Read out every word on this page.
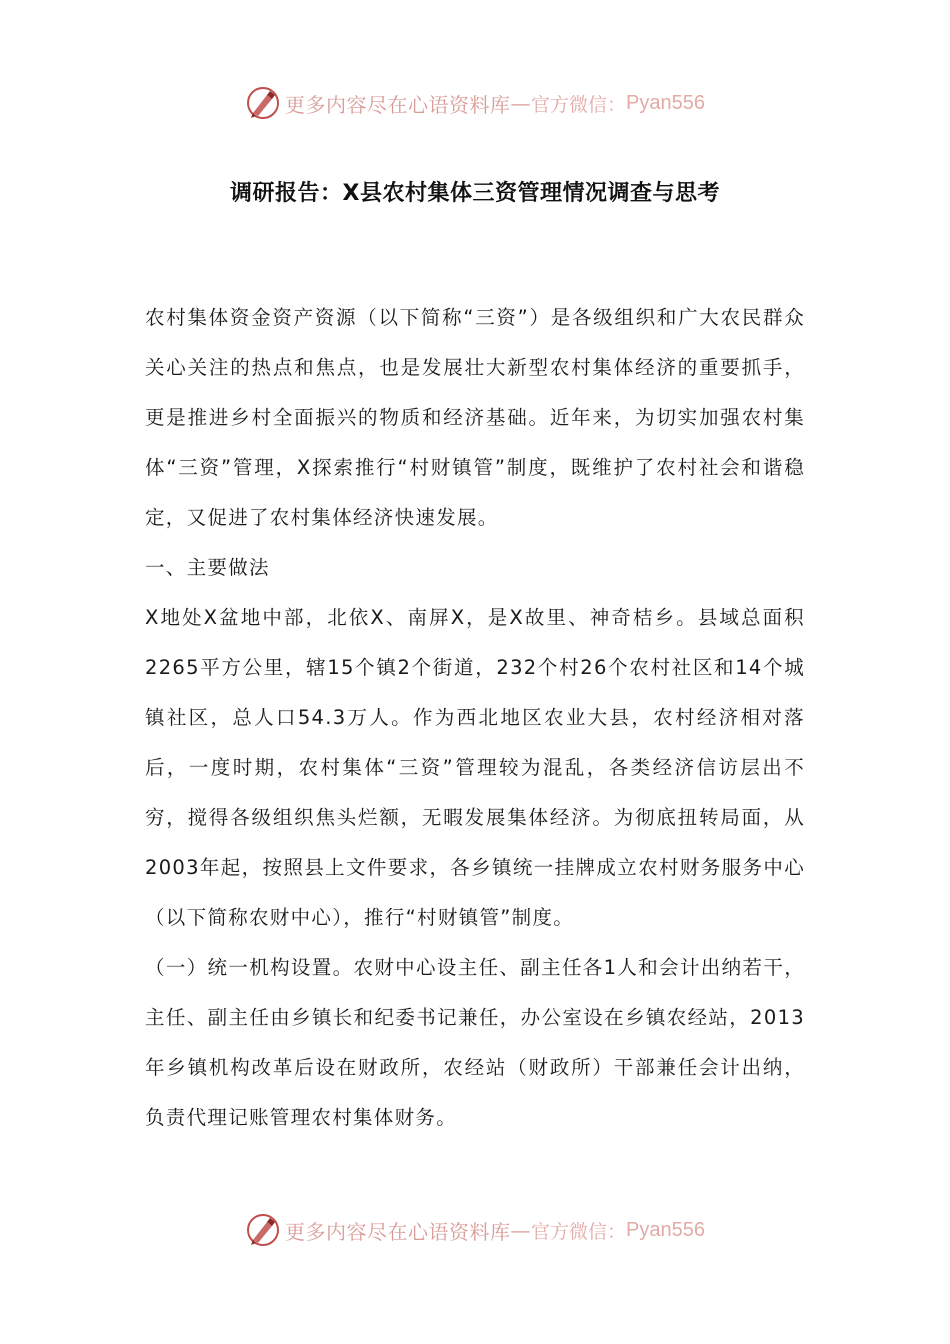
更多内容尽在心语资料库 — 官方微信： Pyan556
调研报告：X县农村集体三资管理情况调查与思考

农村集体资金资产资源（以下简称“三资”）是各级组织和广大农民群众关心关注的热点和焦点，也是发展壮大新型农村集体经济的重要抓手，更是推进乡村全面振兴的物质和经济基础。近年来，为切实加强农村集体“三资”管理，X探索推行“村财镇管”制度，既维护了农村社会和谐稳定，又促进了农村集体经济快速发展。

一、主要做法

X地处X盆地中部，北依X、南屏X，是X故里、神奇桔乡。县域总面积2265平方公里，辖15个镇2个街道，232个村26个农村社区和14个城镇社区，总人口54.3万人。作为西北地区农业大县，农村经济相对落后，一度时期，农村集体“三资”管理较为混乱，各类经济信访层出不穷，搅得各级组织焦头烂额，无暇发展集体经济。为彻底扭转局面，从2003年起，按照县上文件要求，各乡镇统一挂牌成立农村财务服务中心（以下简称农财中心），推行“村财镇管”制度。

（一）统一机构设置。农财中心设主任、副主任各1人和会计出纳若干，主任、副主任由乡镇长和纪委书记兼任，办公室设在乡镇农经站，2013年乡镇机构改革后设在财政所，农经站（财政所）干部兼任会计出纳，负责代理记账管理农村集体财务。

更多内容尽在心语资料库 — 官方微信： Pyan556
